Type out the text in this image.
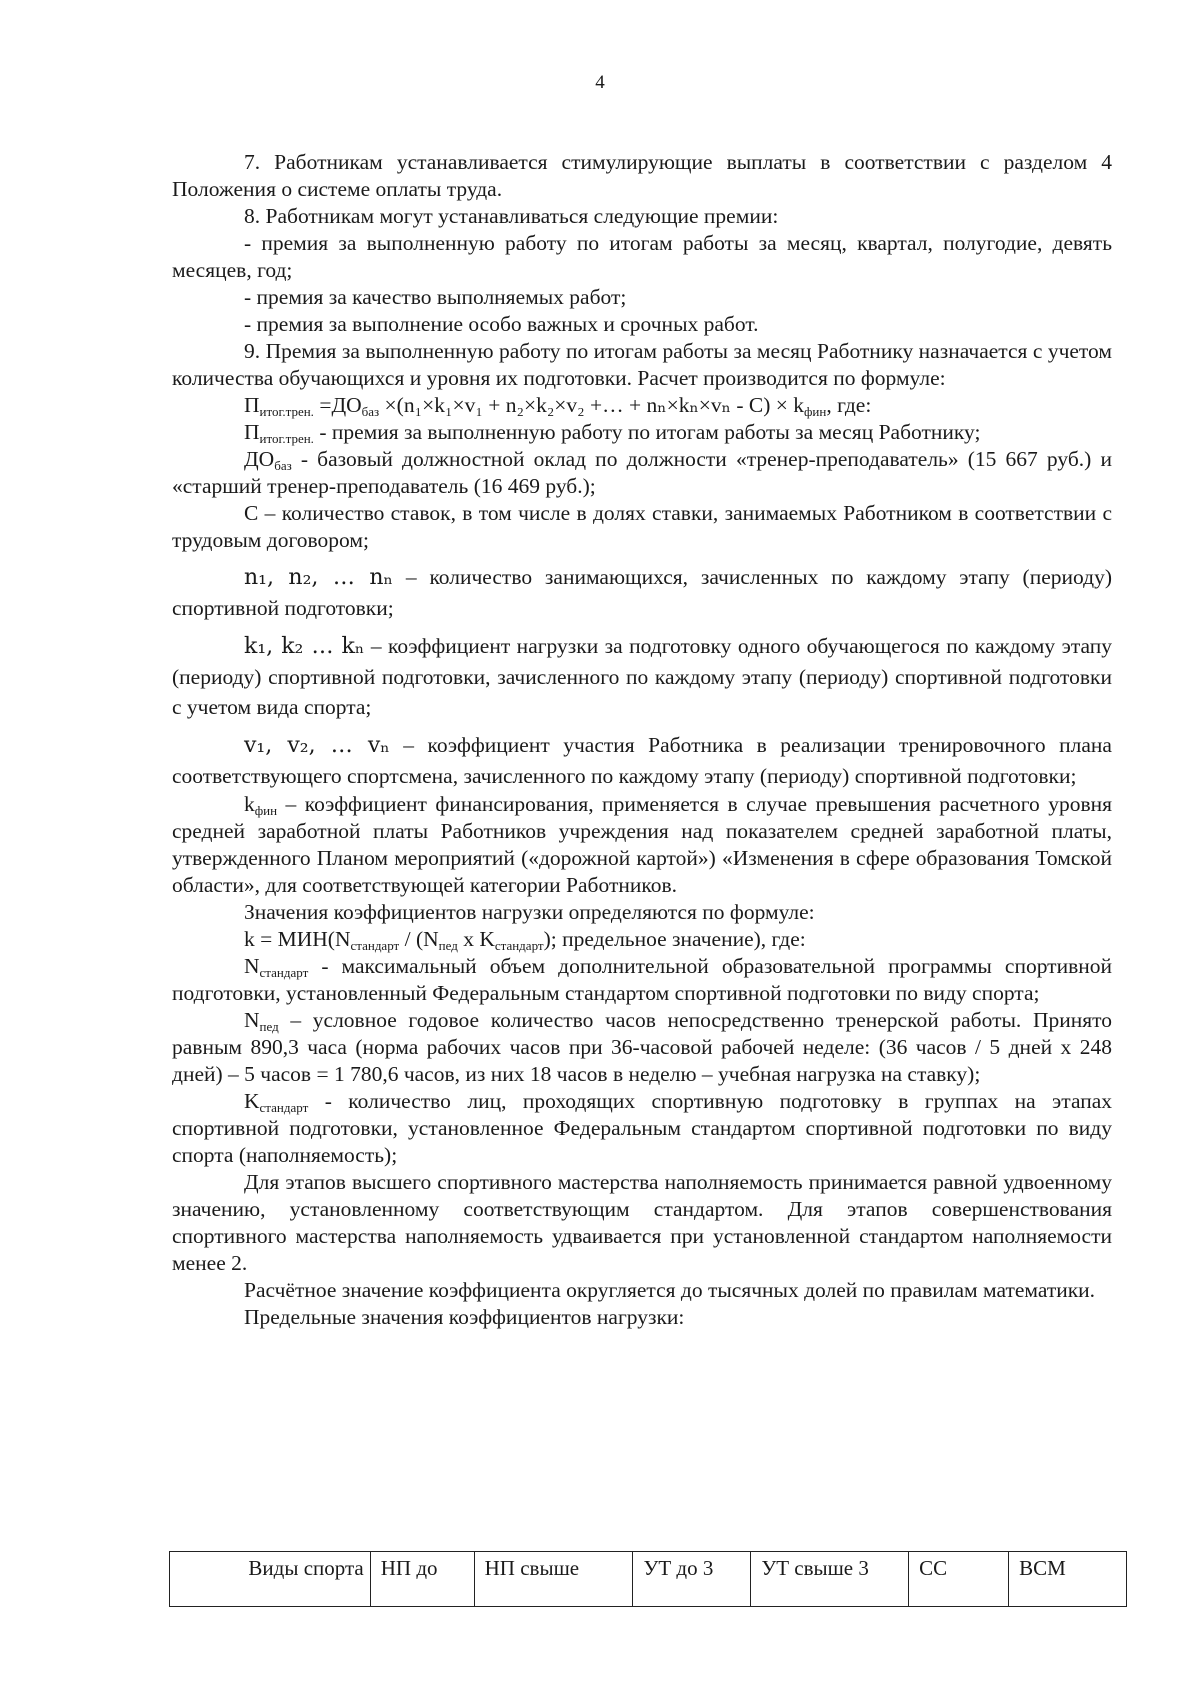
4

7. Работникам устанавливается стимулирующие выплаты в соответствии с разделом 4 Положения о системе оплаты труда.

8. Работникам могут устанавливаться следующие премии:

- премия за выполненную работу по итогам работы за месяц, квартал, полугодие, девять месяцев, год;

- премия за качество выполняемых работ;

- премия за выполнение особо важных и срочных работ.

9. Премия за выполненную работу по итогам работы за месяц Работнику назначается с учетом количества обучающихся и уровня их подготовки. Расчет производится по формуле:

$П_{итог.трен.} =ДО_{баз} \times(n_1\times k_1\times v_1 + n_2\times k_2\times v_2$ +… + $n_n\times k_n\times v_n - C) \times k_{фин}$, где:

$П_{итог.трен.}$ - премия за выполненную работу по итогам работы за месяц Работнику;

$ДО_{баз}$ - базовый должностной оклад по должности «тренер-преподаватель» (15 667 руб.) и «старший тренер-преподаватель (16 469 руб.);

С – количество ставок, в том числе в долях ставки, занимаемых Работником в соответствии с трудовым договором;

n₁, n₂, … nₙ – количество занимающихся, зачисленных по каждому этапу (периоду) спортивной подготовки;

k₁, k₂ … kₙ – коэффициент нагрузки за подготовку одного обучающегося по каждому этапу (периоду) спортивной подготовки, зачисленного по каждому этапу (периоду) спортивной подготовки с учетом вида спорта;

v₁, v₂, … vₙ – коэффициент участия Работника в реализации тренировочного плана соответствующего спортсмена, зачисленного по каждому этапу (периоду) спортивной подготовки;

$k_{фин}$ – коэффициент финансирования, применяется в случае превышения расчетного уровня средней заработной платы Работников учреждения над показателем средней заработной платы, утвержденного Планом мероприятий («дорожной картой») «Изменения в сфере образования Томской области», для соответствующей категории Работников.

Значения коэффициентов нагрузки определяются по формуле:

$k = МИН(N_{стандарт} / (N_{пед}$ x $K_{стандарт}$); предельное значение), где:

$N_{стандарт}$ - максимальный объем дополнительной образовательной программы спортивной подготовки, установленный Федеральным стандартом спортивной подготовки по виду спорта;

$N_{пед}$ – условное годовое количество часов непосредственно тренерской работы. Принято равным 890,3 часа (норма рабочих часов при 36-часовой рабочей неделе: (36 часов / 5 дней х 248 дней) – 5 часов = 1 780,6 часов, из них 18 часов в неделю – учебная нагрузка на ставку);

$K_{стандарт}$ - количество лиц, проходящих спортивную подготовку в группах на этапах спортивной подготовки, установленное Федеральным стандартом спортивной подготовки по виду спорта (наполняемость);

Для этапов высшего спортивного мастерства наполняемость принимается равной удвоенному значению, установленному соответствующим стандартом. Для этапов совершенствования спортивного мастерства наполняемость удваивается при установленной стандартом наполняемости менее 2.

Расчётное значение коэффициента округляется до тысячных долей по правилам математики.

Предельные значения коэффициентов нагрузки:

Виды спорта	НП до	НП свыше	УТ до 3	УТ свыше 3	СС	ВСМ
